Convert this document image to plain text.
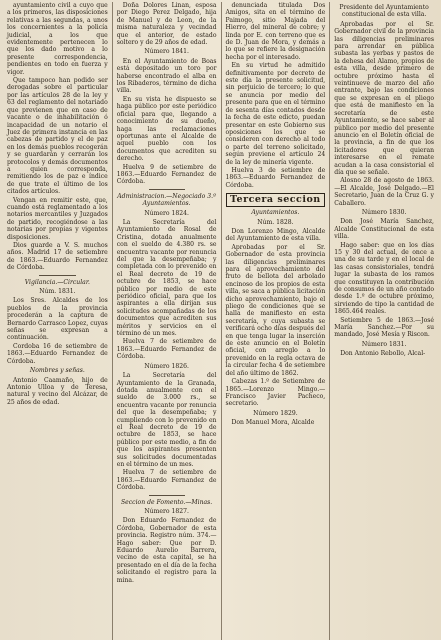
ayuntamiento civil a cuyo que a los primeros, las disposiciones relativas a las segundas, a unos los concernientes a la policía judicial, a los que evidentemente pertenecen lo que los dado motivo a lo presente correspondencia, pendientes en todo en fuerza y vigor.

Que tampoco han podido ser derogadas sobre el particular por las artículos 28 de la ley y 63 del reglamento del notariado que previenen que en caso de vacante o de inhabilitación ó incapacidad de un notario el Juez de primera instancia en las cabezas de partido y el de paz en los demás pueblos recogerán y se guardarán y cerrarán los protocolos y demás documentos a quien corresponda, remitiendo los de paz e índice de que trate el último de los citados artículos.

Vengan en remitir este, que, cuando está reglamentado a los notarios mercantiles y Juzgados de partido, recogiéndose a las notarias por propias y vigentes disposiciones.

Dios guarde a V. S. muchos años. Madrid 17 de setiembre de 1863.—Eduardo Fernandez de Córdoba.

Vigilancia.—Circular.

Núm. 1831.

Los Sres. Alcaldes de los pueblos de la provincia procederán a la captura de Bernardo Carrasco Lopez, cuyas señas se expresan a continuación.

Cordoba 16 de setiembre de 1863.—Eduardo Fernandez de Córdoba.

Nombres y señas.

Antonio Caamaño, hijo de Antonio Ulloa y de Teresa, natural y vecino del Alcázar, de 25 años de edad.

Doña Dolores Linan, esposa por Diego Perez Delgado, hija de Manuel y de Leon, de la misma naturaleza y vecindad que el anterior, de estado soltero y de 29 años de edad.

Número 1841.

En el Ayuntamiento de Boas está depositado un toro por haberse encontrado el alba en los Ribaderos, término de dicha villa.

En su vista he dispuesto se haga público por este periódico oficial para que, llegando a conocimiento de su dueño, haga las reclamaciones oportunas ante el Alcalde de aquel pueblo con los documentos que acrediten su derecho.

Huelva 9 de setiembre de 1863.—Eduardo Fernandez de Córdoba.

Administracion.—Negociado 3.º Ayuntamientos.

Número 1824.

La Secretaría del Ayuntamiento de Rosal de Cristina, dotada anualmente con el sueldo de 4.380 rs. se encuentra vacante por renuncia del que la desempeñaba; y completada con lo prevenido en el Real decreto de 19 de octubre de 1853, se hace público por medio de este periódico oficial, para que los aspirantes a ella dirijan sus solicitudes acompañadas de los documentos que acrediten sus méritos y servicios en el término de un mes.

Huelva 7 de setiembre de 1863.—Eduardo Fernandez de Córdoba.

Número 1826.

La Secretaría del Ayuntamiento de la Granada, dotada anualmente con el sueldo de 3.000 rs., se encuentra vacante por renuncia del que la desempeñaba; y cumpliendo con lo prevenido en el Real decreto de 19 de octubre de 1853, se hace público por este medio, a fin de que los aspirantes presenten sus solicitudes documentadas en el término de un mes.

Huelva 7 de setiembre de 1863.—Eduardo Fernandez de Córdoba.

Seccion de Fomento.—Minas.

Número 1827.

Don Eduardo Fernandez de Córdoba, Gobernador de esta provincia. Registro núm. 374.—Hago saber: Que por D. Eduardo Aurelio Barrera, vecino de esta capital, se ha presentado en el día de la fecha solicitando el registro para la mina.

denunciada titulada Dos Amigos, sita en el término de Paimogo, sitio Majada del Hierro, del mineral de cobre; y linda por E. con terreno que es de D. Juan de Mora, y demás a lo que se refiere la designación hecha por el interesado.

En su virtud he admitido definitivamente por decreto de este día la presente solicitud, sin perjuicio de tercero; lo que se anuncia por medio del presente para que en el término de sesenta días contados desde la fecha de este edicto, puedan presentar en este Gobierno sus oposiciones los que se consideren con derecho al todo o parte del terreno solicitado, según previene el artículo 24 de la ley de minería vigente.

Huelva 3 de setiembre de 1863.—Eduardo Fernandez de Córdoba.

Tercera seccion

Ayuntamientos.

Núm. 1828.

Don Lorenzo Mingo, Alcalde del Ayuntamiento de esta villa.

Aprobadas por el Sr. Gobernador de esta provincia las diligencias preliminares para el aprovechamiento del fruto de bellota del arbolado encinoso de los propios de esta villa, se saca a pública licitación dicho aprovechamiento, bajo el pliego de condiciones que se halla de manifiesto en esta secretaría, y cuya subasta se verificará ocho días después del en que tenga lugar la inserción de este anuncio en el Boletín oficial, con arreglo a lo prevenido en la regla octava de la circular fecha 4 de setiembre del año último de 1862.

Cabezas 1.º de Setiembre de 1865.—Lorenzo Mingo.—Francisco Javier Pacheco, secretario.

Número 1829.

Don Manuel Mora, Alcalde

Presidente del Ayuntamiento constitucional de esta villa.

Aprobadas por el Sr. Gobernador civil de la provincia las diligencias preliminares para arrendar en pública subasta las yerbas y pastos de la dehesa del Alamo, propios de esta villa, desde primero de octubre próximo hasta el veintinueve de marzo del año entrante, bajo las condiciones que se expresan en el pliego que está de manifiesto en la secretaría de este Ayuntamiento, se hace saber al público por medio del presente anuncio en el Boletín oficial de la provincia, a fin de que los licitadores que quieran interesarse en el remate acudan a la casa consistorial el día que se señale.

Alosno 28 de agosto de 1863.—El Alcalde, José Delgado.—El Secretario, Juan de la Cruz G. y Caballero.

Número 1830.

Don José María Sanchez, Alcalde Constitucional de esta villa.

Hago saber: que en los días 15 y 30 del actual, de once a una de su tarde y en el local de las casas consistoriales, tendrá lugar la subasta de los ramos que constituyen la contribución de consumos de un año contado desde 1.º de octubre próximo, sirviendo de tipo la cantidad de 1865.464 reales.

Setiembre 5 de 1863.—José María Sanchez.—Por su mandado, José Mesía y Riscon.

Número 1831.

Don Antonio Rebollo, Alcal-
